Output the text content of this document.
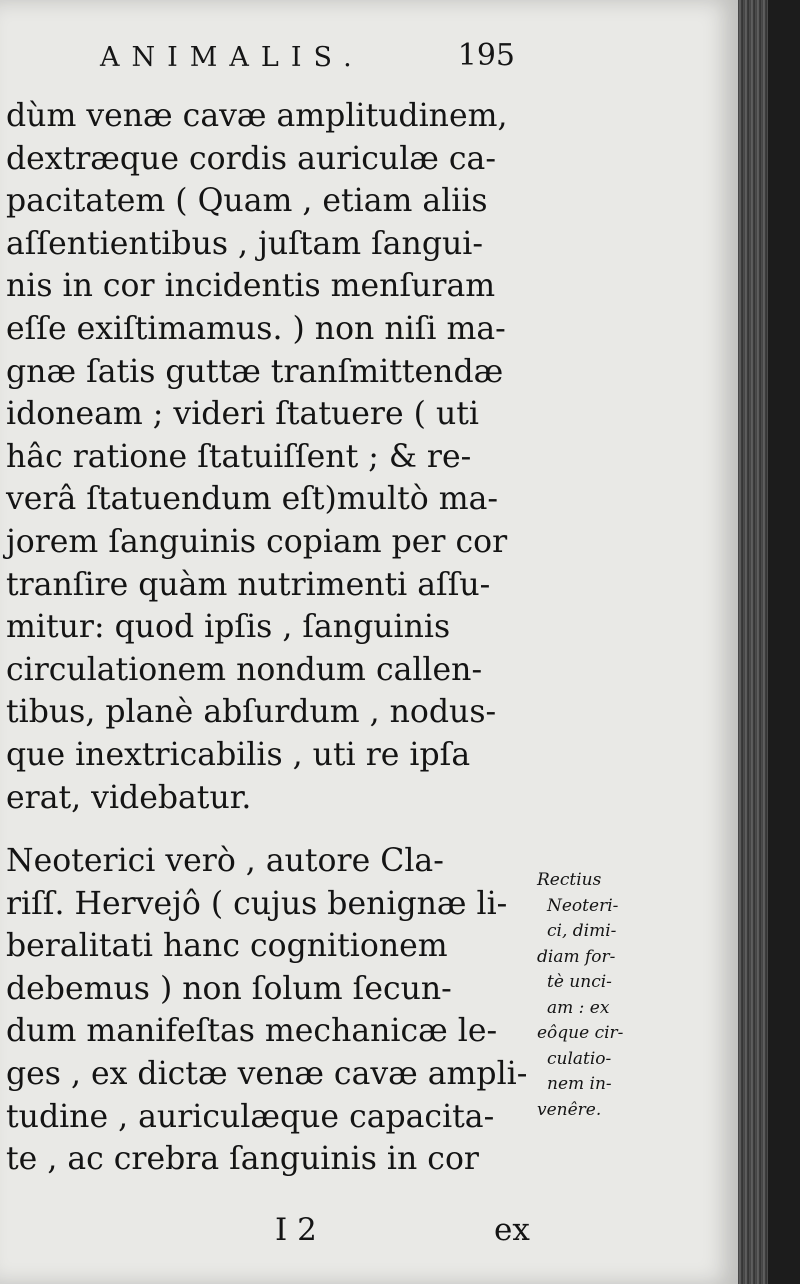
ANIMALIS.	195
dùm venæ cavæ amplitudinem,
dextræque cordis auriculæ ca-
pacitatem ( Quam , etiam aliis
aſſentientibus , juſtam ſangui-
nis in cor incidentis menſuram
eſſe exiſtimamus. ) non niſi ma-
gnæ ſatis guttæ tranſmittendæ
idoneam ; videri ſtatuere ( uti
hâc ratione ſtatuiſſent ; & re-
verâ ſtatuendum eſt)multò ma-
jorem ſanguinis copiam per cor
tranſire quàm nutrimenti aſſu-
mitur: quod ipſis , ſanguinis
circulationem nondum callen-
tibus, planè abſurdum , nodus-
que inextricabilis , uti re ipſa
erat, videbatur.
Neoterici verò , autore Cla-
riſſ. Hervejô ( cujus benignæ li-
beralitati hanc cognitionem
debemus ) non ſolum ſecun-
dum manifeſtas mechanicæ le-
ges , ex dictæ venæ cavæ ampli-
tudine , auriculæque capacita-
te , ac crebra ſanguinis in cor
Rectius
Neoteri-
ci, dimi-
diam for-
tè unci-
am : ex
eôque cir-
culatio-
nem in-
venêre.
I 2	ex
